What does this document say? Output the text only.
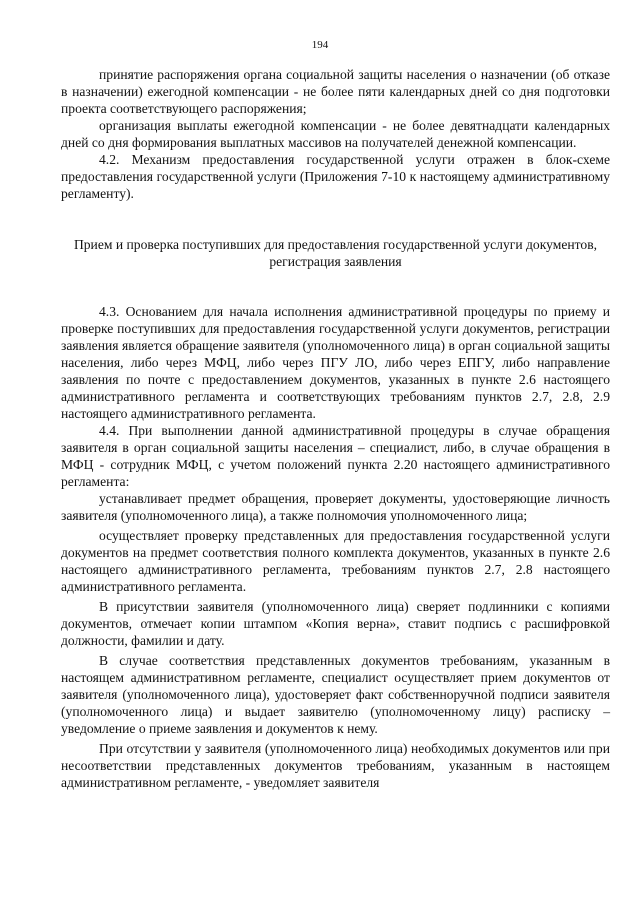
194

принятие распоряжения органа социальной защиты населения о назначении (об отказе в назначении) ежегодной компенсации - не более пяти календарных дней со дня подготовки проекта соответствующего распоряжения;

организация выплаты ежегодной компенсации - не более девятнадцати календарных дней со дня формирования выплатных массивов на получателей денежной компенсации.

4.2. Механизм предоставления государственной услуги отражен в блок-схеме предоставления государственной услуги (Приложения 7-10 к настоящему административному регламенту).

Прием и проверка поступивших для предоставления государственной услуги документов, регистрация заявления

4.3. Основанием для начала исполнения административной процедуры по приему и проверке поступивших для предоставления государственной услуги документов, регистрации заявления является обращение заявителя (уполномоченного лица) в орган социальной защиты населения, либо через МФЦ, либо через ПГУ ЛО, либо через ЕПГУ, либо направление заявления по почте с предоставлением документов, указанных в пункте 2.6 настоящего административного регламента и соответствующих требованиям пунктов 2.7, 2.8, 2.9 настоящего административного регламента.

4.4. При выполнении данной административной процедуры в случае обращения заявителя в орган социальной защиты населения – специалист, либо, в случае обращения в МФЦ - сотрудник МФЦ, с учетом положений пункта 2.20 настоящего административного регламента:

устанавливает предмет обращения, проверяет документы, удостоверяющие личность заявителя (уполномоченного лица), а также полномочия уполномоченного лица;

осуществляет проверку представленных для предоставления государственной услуги документов на предмет соответствия полного комплекта документов, указанных в пункте 2.6 настоящего административного регламента, требованиям пунктов 2.7, 2.8 настоящего административного регламента.

В присутствии заявителя (уполномоченного лица) сверяет подлинники с копиями документов, отмечает копии штампом «Копия верна», ставит подпись с расшифровкой должности, фамилии и дату.

В случае соответствия представленных документов требованиям, указанным в настоящем административном регламенте, специалист осуществляет прием документов от заявителя (уполномоченного лица), удостоверяет факт собственноручной подписи заявителя (уполномоченного лица) и выдает заявителю (уполномоченному лицу) расписку – уведомление о приеме заявления и документов к нему.

При отсутствии у заявителя (уполномоченного лица) необходимых документов или при несоответствии представленных документов требованиям, указанным в настоящем административном регламенте, - уведомляет заявителя
